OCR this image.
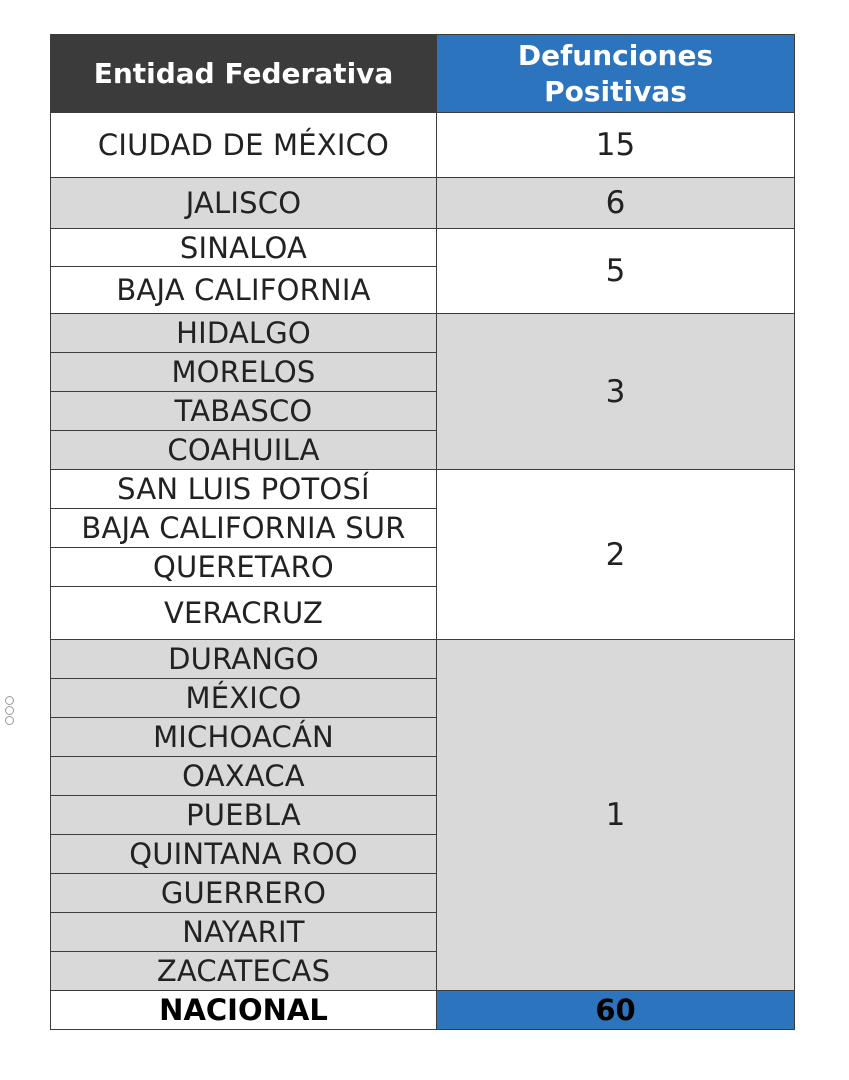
Entidad Federativa	Defunciones
Positivas
CIUDAD DE MÉXICO	15
JALISCO	6
SINALOA	5
BAJA CALIFORNIA	
HIDALGO	3
MORELOS	
TABASCO	
COAHUILA	
SAN LUIS POTOSÍ	2
BAJA CALIFORNIA SUR	
QUERETARO	
VERACRUZ	
DURANGO	1
MÉXICO	
MICHOACÁN	
OAXACA	
PUEBLA	
QUINTANA ROO	
GUERRERO	
NAYARIT	
ZACATECAS	
NACIONAL	60
